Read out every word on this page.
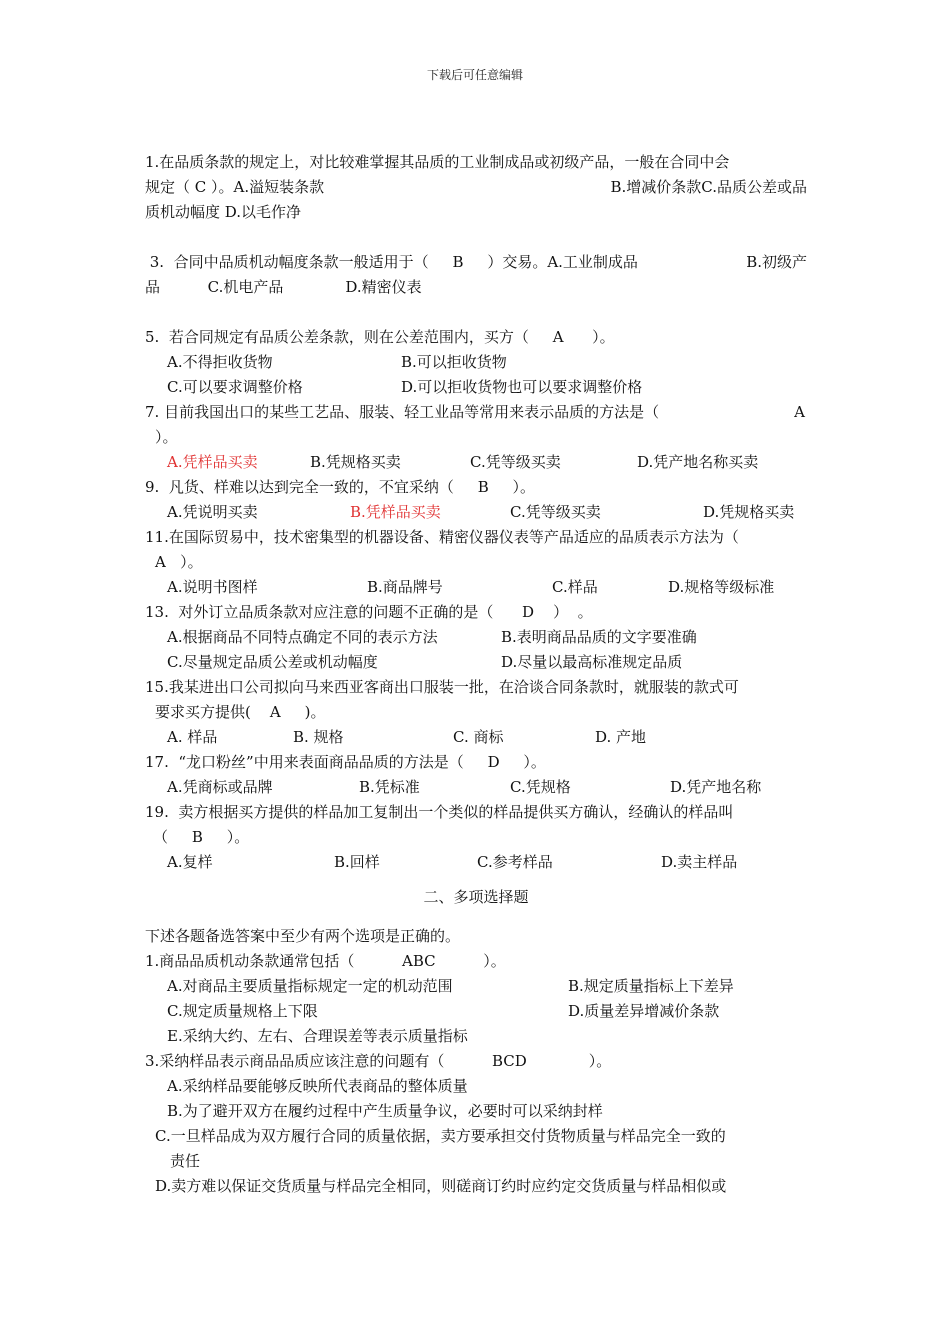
下载后可任意编辑
1.在品质条款的规定上，对比较难掌握其品质的工业制成品或初级产品，一般在合同中会
规定（ C ）。A.溢短装条款	B.增减价条款C.品质公差或品
质机动幅度 D.以毛作净
3.  合同中品质机动幅度条款一般适用于（     B     ）交易。A.工业制成品	B.初级产
品          C.机电产品             D.精密仪表
5.  若合同规定有品质公差条款，则在公差范围内，买方（     A      ）。
A.不得拒收货物	B.可以拒收货物
C.可以要求调整价格	D.可以拒收货物也可以要求调整价格
7. 目前我国出口的某些工艺品、服装、轻工业品等常用来表示品质的方法是（	A
）。
A.凭样品买卖	B.凭规格买卖	C.凭等级买卖	D.凭产地名称买卖
9.  凡货、样难以达到完全一致的，不宜采纳（     B     ）。
A.凭说明买卖	B.凭样品买卖	C.凭等级买卖	D.凭规格买卖
11.在国际贸易中，技术密集型的机器设备、精密仪器仪表等产品适应的品质表示方法为（
A   ）。
A.说明书图样	B.商品牌号	C.样品	D.规格等级标准
13.  对外订立品质条款对应注意的问题不正确的是（      D    ）  。
A.根据商品不同特点确定不同的表示方法	B.表明商品品质的文字要准确
C.尽量规定品质公差或机动幅度	D.尽量以最高标准规定品质
15.我某进出口公司拟向马来西亚客商出口服装一批，在洽谈合同条款时，就服装的款式可
要求买方提供(    A     )。
A. 样品	B. 规格	C. 商标	D. 产地
17.  “龙口粉丝”中用来表面商品品质的方法是（     D     ）。
A.凭商标或品牌	B.凭标准	C.凭规格	D.凭产地名称
19.  卖方根据买方提供的样品加工复制出一个类似的样品提供买方确认，经确认的样品叫
（     B     ）。
A.复样	B.回样	C.参考样品	D.卖主样品
二、多项选择题
下述各题备选答案中至少有两个选项是正确的。
1.商品品质机动条款通常包括（          ABC          ）。
A.对商品主要质量指标规定一定的机动范围	B.规定质量指标上下差异
C.规定质量规格上下限	D.质量差异增减价条款
E.采纳大约、左右、合理误差等表示质量指标
3.采纳样品表示商品品质应该注意的问题有（          BCD             ）。
A.采纳样品要能够反映所代表商品的整体质量
B.为了避开双方在履约过程中产生质量争议，必要时可以采纳封样
C.一旦样品成为双方履行合同的质量依据，卖方要承担交付货物质量与样品完全一致的
责任
D.卖方难以保证交货质量与样品完全相同，则磋商订约时应约定交货质量与样品相似或
